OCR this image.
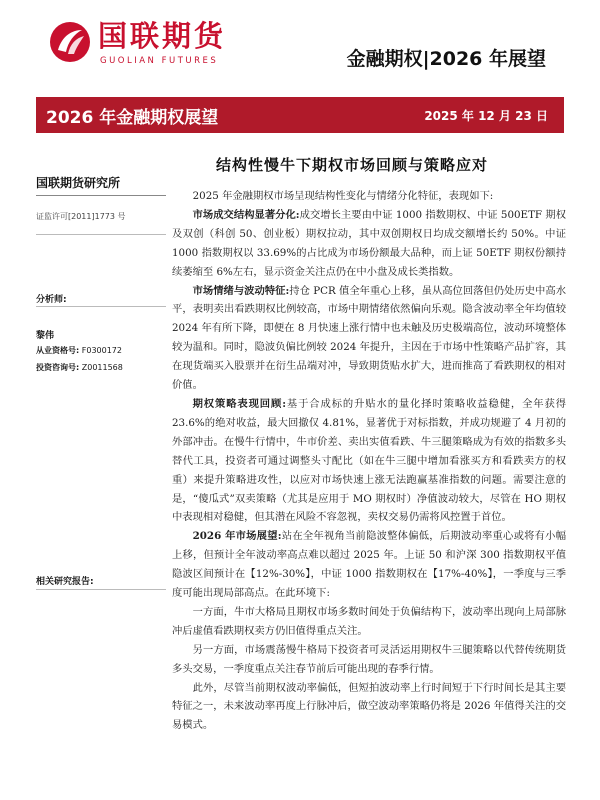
国联期货
GUOLIAN FUTURES	金融期权|2026 年展望
2026 年金融期权展望	2025 年 12 月 23 日
国联期货研究所
证监许可[2011]1773 号
分析师:
黎伟
从业资格号: F0300172
投资咨询号: Z0011568
相关研究报告:
结构性慢牛下期权市场回顾与策略应对

2025 年金融期权市场呈现结构性变化与情绪分化特征，表现如下:

市场成交结构显著分化:成交增长主要由中证 1000 指数期权、中证 500ETF 期权及双创（科创 50、创业板）期权拉动，其中双创期权日均成交额增长约 50%。中证 1000 指数期权以 33.69%的占比成为市场份额最大品种，而上证 50ETF 期权份额持续萎缩至 6%左右，显示资金关注点仍在中小盘及成长类指数。

市场情绪与波动特征:持仓 PCR 值全年重心上移，虽从高位回落但仍处历史中高水平，表明卖出看跌期权比例较高，市场中期情绪依然偏向乐观。隐含波动率全年均值较 2024 年有所下降，即便在 8 月快速上涨行情中也未触及历史极端高位，波动环境整体较为温和。同时，隐波负偏比例较 2024 年提升，主因在于市场中性策略产品扩容，其在现货端买入股票并在衍生品端对冲，导致期货贴水扩大，进而推高了看跌期权的相对价值。

期权策略表现回顾:基于合成标的升贴水的量化择时策略收益稳健，全年获得 23.6%的绝对收益，最大回撤仅 4.81%，显著优于对标指数，并成功规避了 4 月初的外部冲击。在慢牛行情中，牛市价差、卖出实值看跌、牛三腿策略成为有效的指数多头替代工具，投资者可通过调整头寸配比（如在牛三腿中增加看涨买方和看跌卖方的权重）来提升策略进攻性，以应对市场快速上涨无法跑赢基准指数的问题。需要注意的是，“傻瓜式”双卖策略（尤其是应用于 MO 期权时）净值波动较大，尽管在 HO 期权中表现相对稳健，但其潜在风险不容忽视，卖权交易仍需将风控置于首位。

2026 年市场展望:站在全年视角当前隐波整体偏低，后期波动率重心或将有小幅上移，但预计全年波动率高点难以超过 2025 年。上证 50 和沪深 300 指数期权平值隐波区间预计在【12%-30%】，中证 1000 指数期权在【17%-40%】，一季度与三季度可能出现局部高点。在此环境下:

一方面，牛市大格局且期权市场多数时间处于负偏结构下，波动率出现向上局部脉冲后虚值看跌期权卖方仍旧值得重点关注。

另一方面，市场震荡慢牛格局下投资者可灵活运用期权牛三腿策略以代替传统期货多头交易，一季度重点关注春节前后可能出现的春季行情。

此外，尽管当前期权波动率偏低，但短拍波动率上行时间短于下行时间长是其主要特征之一，未来波动率再度上行脉冲后，做空波动率策略仍将是 2026 年值得关注的交易模式。
